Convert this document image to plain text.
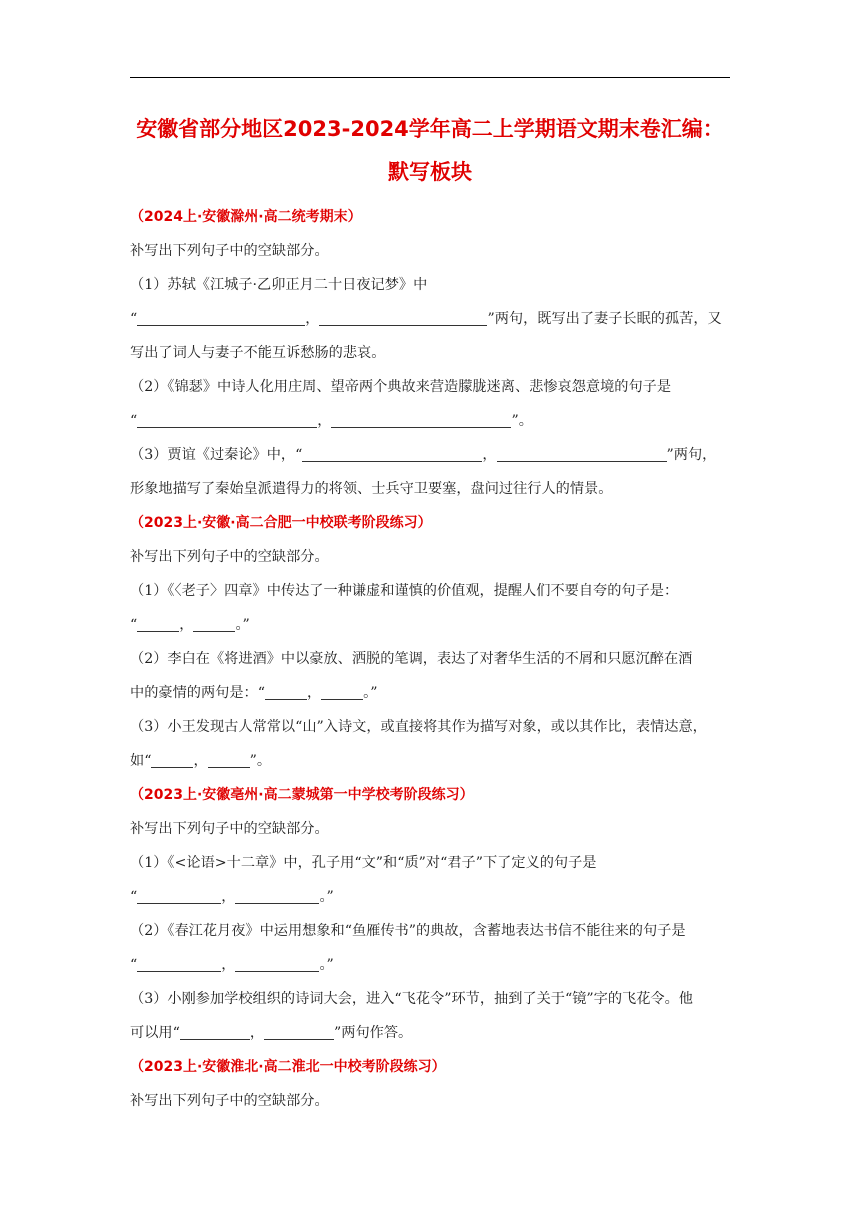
安徽省部分地区2023-2024学年高二上学期语文期末卷汇编：
默写板块
（2024上·安徽滁州·高二统考期末）
补写出下列句子中的空缺部分。
（1）苏轼《江城子·乙卯正月二十日夜记梦》中
“	，	”两句，既写出了妻子长眠的孤苦，又
写出了词人与妻子不能互诉愁肠的悲哀。
（2）《锦瑟》中诗人化用庄周、望帝两个典故来营造朦胧迷离、悲惨哀怨意境的句子是
“	，	”。
（3）贾谊《过秦论》中，“	，	”两句，
形象地描写了秦始皇派遣得力的将领、士兵守卫要塞，盘问过往行人的情景。
（2023上·安徽·高二合肥一中校联考阶段练习）
补写出下列句子中的空缺部分。
（1）《〈老子〉四章》中传达了一种谦虚和谨慎的价值观，提醒人们不要自夸的句子是：
“	，	。”
（2）李白在《将进酒》中以豪放、洒脱的笔调，表达了对奢华生活的不屑和只愿沉醉在酒
中的豪情的两句是：“	，	。”
（3）小王发现古人常常以“山”入诗文，或直接将其作为描写对象，或以其作比，表情达意，
如“	，	”。
（2023上·安徽亳州·高二蒙城第一中学校考阶段练习）
补写出下列句子中的空缺部分。
（1）《<论语>十二章》中，孔子用“文”和“质”对“君子”下了定义的句子是
“	，	。”
（2）《春江花月夜》中运用想象和“鱼雁传书”的典故，含蓄地表达书信不能往来的句子是
“	，	。”
（3）小刚参加学校组织的诗词大会，进入“飞花令”环节，抽到了关于“镜”字的飞花令。他
可以用“	，	”两句作答。
（2023上·安徽淮北·高二淮北一中校考阶段练习）
补写出下列句子中的空缺部分。
